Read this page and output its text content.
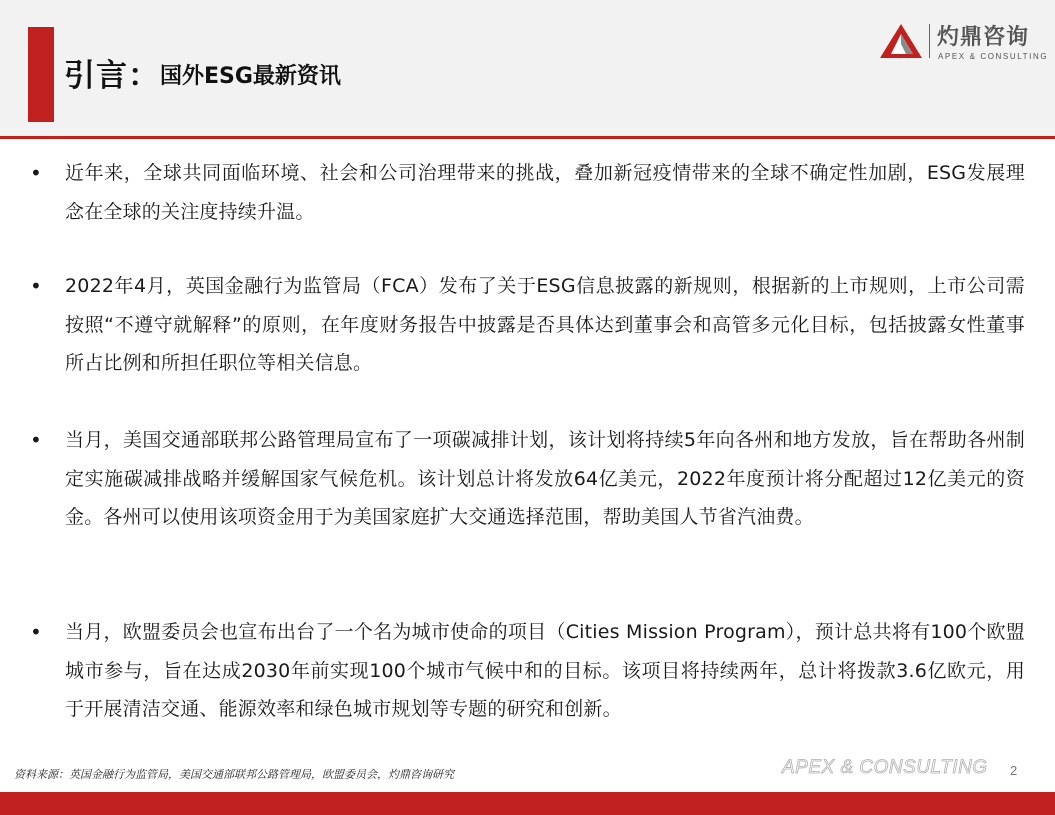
引言：国外ESG最新资讯
灼鼎咨询
APEX & CONSULTING
• 近年来，全球共同面临环境、社会和公司治理带来的挑战，叠加新冠疫情带来的全球不确定性加剧，ESG发展理念在全球的关注度持续升温。
• 2022年4月，英国金融行为监管局（FCA）发布了关于ESG信息披露的新规则，根据新的上市规则，上市公司需按照“不遵守就解释”的原则，在年度财务报告中披露是否具体达到董事会和高管多元化目标，包括披露女性董事所占比例和所担任职位等相关信息。
• 当月，美国交通部联邦公路管理局宣布了一项碳减排计划，该计划将持续5年向各州和地方发放，旨在帮助各州制定实施碳减排战略并缓解国家气候危机。该计划总计将发放64亿美元，2022年度预计将分配超过12亿美元的资金。各州可以使用该项资金用于为美国家庭扩大交通选择范围，帮助美国人节省汽油费。
• 当月，欧盟委员会也宣布出台了一个名为城市使命的项目（Cities Mission Program），预计总共将有100个欧盟城市参与，旨在达成2030年前实现100个城市气候中和的目标。该项目将持续两年，总计将拨款3.6亿欧元，用于开展清洁交通、能源效率和绿色城市规划等专题的研究和创新。
资料来源：英国金融行为监管局，美国交通部联邦公路管理局，欧盟委员会，灼鼎咨询研究	APEX & CONSULTING 2
